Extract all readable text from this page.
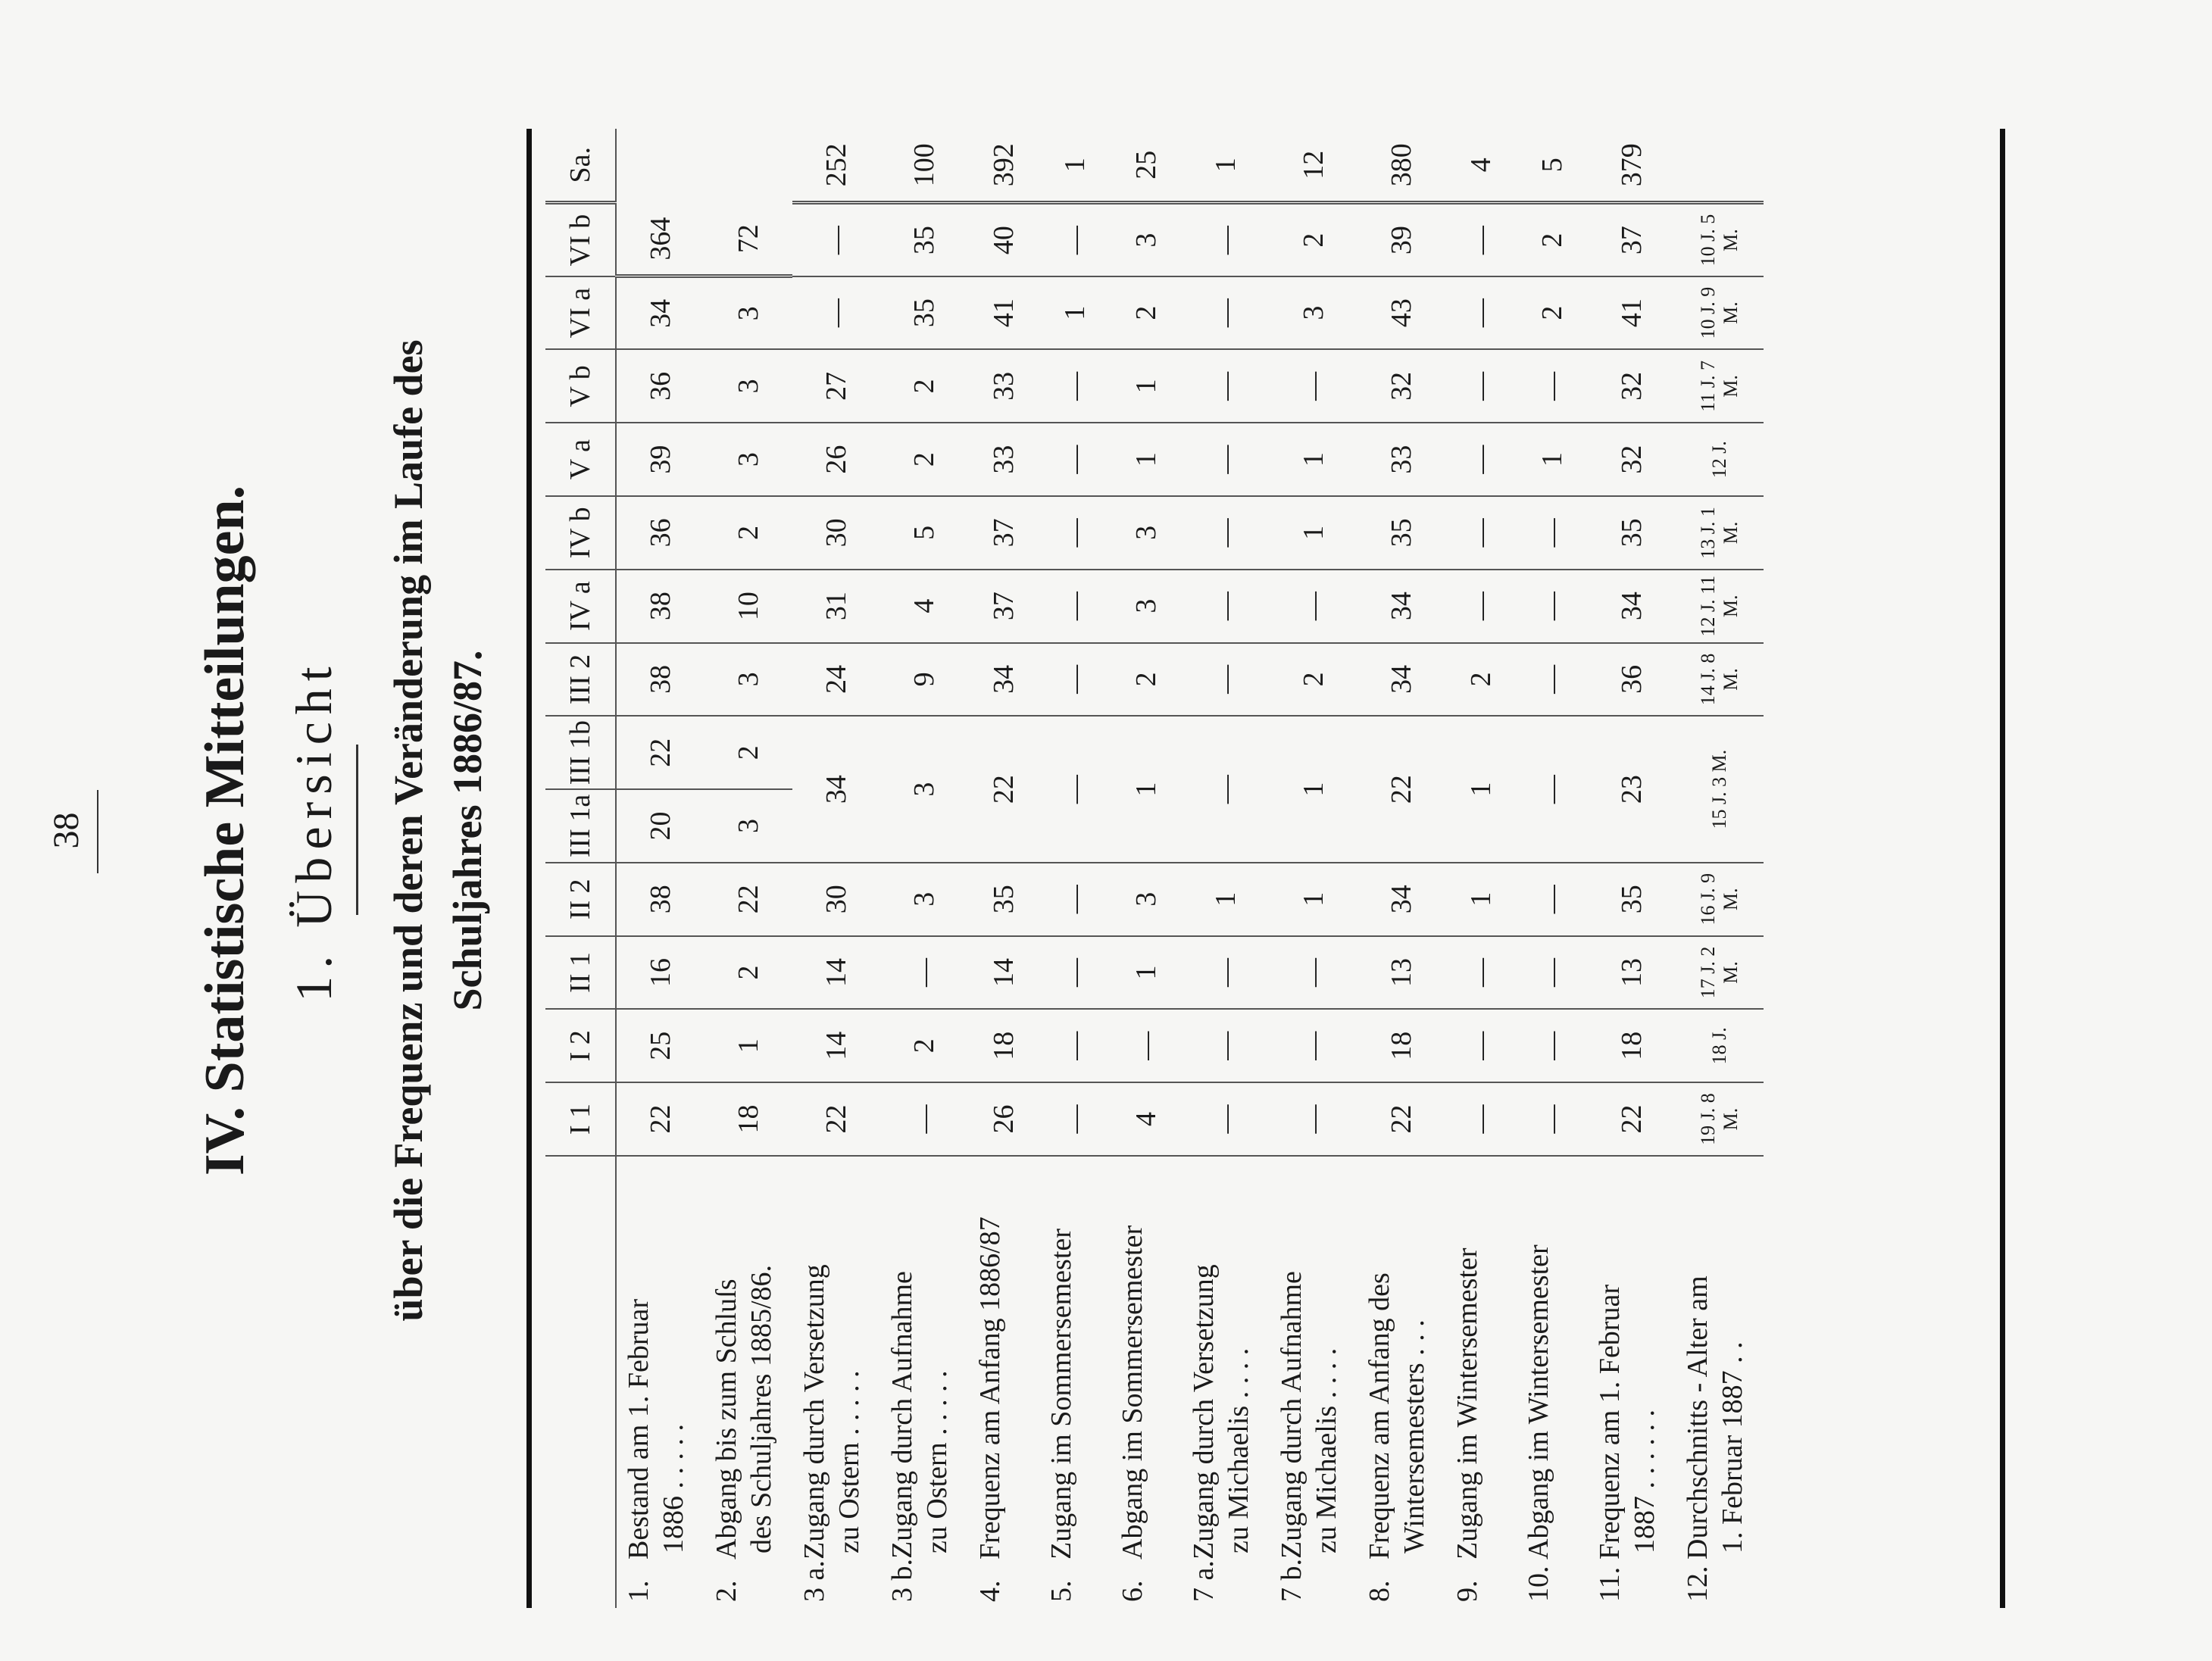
38 IV. Statistische Mitteilungen. 1. Übersicht über die Frequenz und deren Veränderung im Laufe des Schuljahres 1886/87.
	I 1	I 2	II 1	II 2	III 1a	III 1b	III 2	IV a	IV b	V a	V b	VI a	VI b	Sa.
1.Bestand am 1. Februar 1886 . . . . .	22	25	16	38	20	22	38	38	36	39	36	34	364	
2.Abgang bis zum Schluſs des Schuljahres 1885/86.	18	1	2	22	3	2	3	10	2	3	3	3	72	
3 a.Zugang durch Versetzung zu Ostern . . . . .	22	14	14	30	34		24	31	30	26	27	—	—	252
3 b.Zugang durch Aufnahme zu Ostern . . . . .	—	2	—	3	3		9	4	5	2	2	35	35	100
4.Frequenz am Anfang 1886/87	26	18	14	35	22		34	37	37	33	33	41	40	392
5.Zugang im Sommersemester	—	—	—	—	—		—	—	—	—	—	1	—	1
6.Abgang im Sommersemester	4	—	1	3	1		2	3	3	1	1	2	3	25
7 a.Zugang durch Versetzung zu Michaelis . . . .	—	—	—	1	—		—	—	—	—	—	—	—	1
7 b.Zugang durch Aufnahme zu Michaelis . . . .	—	—	—	1	1		2	—	1	1	—	3	2	12
8.Frequenz am Anfang des Wintersemesters . . .	22	18	13	34	22		34	34	35	33	32	43	39	380
9.Zugang im Wintersemester	—	—	—	1	1		2	—	—	—	—	—	—	4
10.Abgang im Wintersemester	—	—	—	—	—		—	—	—	1	—	2	2	5
11.Frequenz am 1. Februar 1887 . . . . . .	22	18	13	35	23		36	34	35	32	32	41	37	379
12.Durchschnitts - Alter am 1. Februar 1887 . .	19 J. 8 M.	18 J.	17 J. 2 M.	16 J. 9 M.	15 J. 3 M.		14 J. 8 M.	12 J. 11 M.	13 J. 1 M.	12 J.	11 J. 7 M.	10 J. 9 M.	10 J. 5 M.	
